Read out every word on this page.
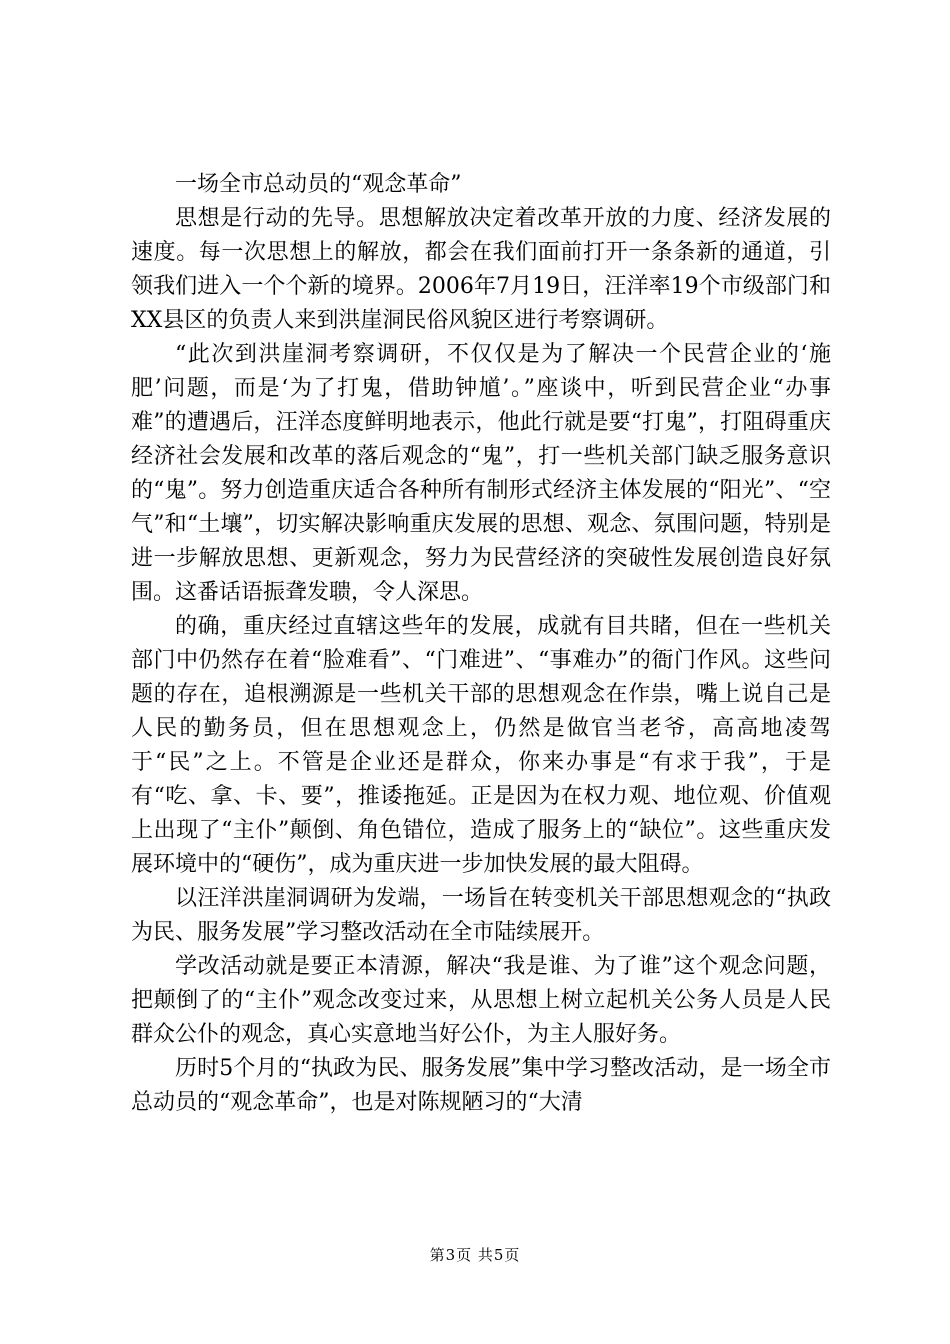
一场全市总动员的“观念革命”

思想是行动的先导。思想解放决定着改革开放的力度、经济发展的速度。每一次思想上的解放，都会在我们面前打开一条条新的通道，引领我们进入一个个新的境界。2006年7月19日，汪洋率19个市级部门和XX县区的负责人来到洪崖洞民俗风貌区进行考察调研。

“此次到洪崖洞考察调研，不仅仅是为了解决一个民营企业的‘施肥’问题，而是‘为了打鬼，借助钟馗’。”座谈中，听到民营企业“办事难”的遭遇后，汪洋态度鲜明地表示，他此行就是要“打鬼”，打阻碍重庆经济社会发展和改革的落后观念的“鬼”，打一些机关部门缺乏服务意识的“鬼”。努力创造重庆适合各种所有制形式经济主体发展的“阳光”、“空气”和“土壤”，切实解决影响重庆发展的思想、观念、氛围问题，特别是进一步解放思想、更新观念，努力为民营经济的突破性发展创造良好氛围。这番话语振聋发聩，令人深思。

的确，重庆经过直辖这些年的发展，成就有目共睹，但在一些机关部门中仍然存在着“脸难看”、“门难进”、“事难办”的衙门作风。这些问题的存在，追根溯源是一些机关干部的思想观念在作祟，嘴上说自己是人民的勤务员，但在思想观念上，仍然是做官当老爷，高高地凌驾于“民”之上。不管是企业还是群众，你来办事是“有求于我”，于是有“吃、拿、卡、要”，推诿拖延。正是因为在权力观、地位观、价值观上出现了“主仆”颠倒、角色错位，造成了服务上的“缺位”。这些重庆发展环境中的“硬伤”，成为重庆进一步加快发展的最大阻碍。

以汪洋洪崖洞调研为发端，一场旨在转变机关干部思想观念的“执政为民、服务发展”学习整改活动在全市陆续展开。

学改活动就是要正本清源，解决“我是谁、为了谁”这个观念问题，把颠倒了的“主仆”观念改变过来，从思想上树立起机关公务人员是人民群众公仆的观念，真心实意地当好公仆，为主人服好务。

历时5个月的“执政为民、服务发展”集中学习整改活动，是一场全市总动员的“观念革命”，也是对陈规陋习的“大清

第3页 共5页
